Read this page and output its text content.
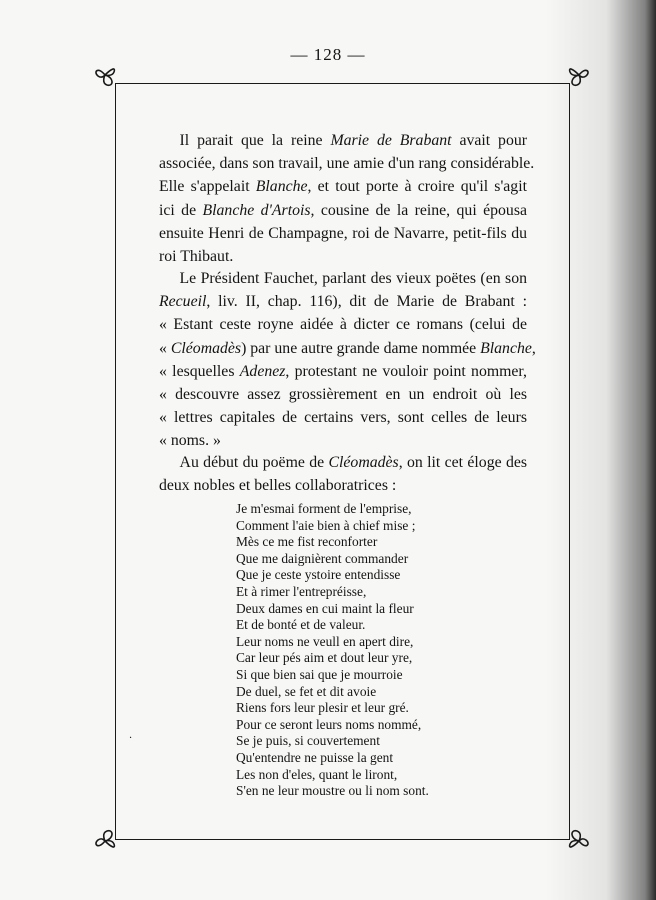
— 128 —
Il parait que la reine Marie de Brabant avait pour
associée, dans son travail, une amie d'un rang considérable.
Elle s'appelait Blanche, et tout porte à croire qu'il s'agit
ici de Blanche d'Artois, cousine de la reine, qui épousa
ensuite Henri de Champagne, roi de Navarre, petit-fils du
roi Thibaut.
Le Président Fauchet, parlant des vieux poëtes (en son
Recueil, liv. II, chap. 116), dit de Marie de Brabant :
« Estant ceste royne aidée à dicter ce romans (celui de
« Cléomadès) par une autre grande dame nommée Blanche,
« lesquelles Adenez, protestant ne vouloir point nommer,
« descouvre assez grossièrement en un endroit où les
« lettres capitales de certains vers, sont celles de leurs
« noms. »
Au début du poëme de Cléomadès, on lit cet éloge des
deux nobles et belles collaboratrices :
Je m'esmai forment de l'emprise,
Comment l'aie bien à chief mise ;
Mès ce me fist reconforter
Que me daignièrent commander
Que je ceste ystoire entendisse
Et à rimer l'entrepréisse,
Deux dames en cui maint la fleur
Et de bonté et de valeur.
Leur noms ne veull en apert dire,
Car leur pés aim et dout leur yre,
Si que bien sai que je mourroie
De duel, se fet et dit avoie
Riens fors leur plesir et leur gré.
Pour ce seront leurs noms nommé,
Se je puis, si couvertement
Qu'entendre ne puisse la gent
Les non d'eles, quant le liront,
S'en ne leur moustre ou li nom sont.
·
